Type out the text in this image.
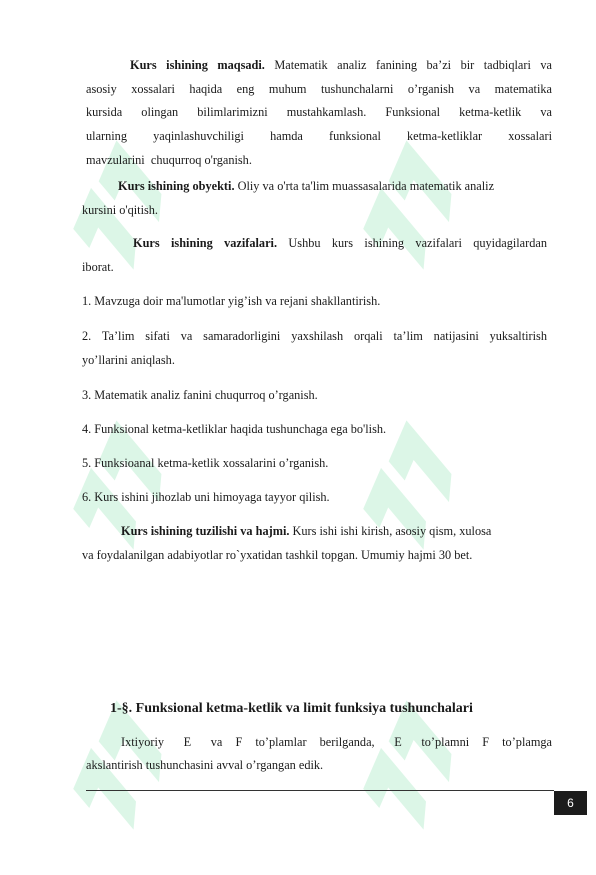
Kurs ishining maqsadi. Matematik analiz fanining ba’zi bir tadbiqlari va

asosiy xossalari haqida eng muhum tushunchalarni o’rganish va matematika

kursida olingan bilimlarimizni mustahkamlash. Funksional ketma-ketlik va

ularning yaqinlashuvchiligi hamda funksional ketma-ketliklar xossalari

mavzularini  chuqurroq o'rganish.

Kurs ishining obyekti. Oliy va o'rta ta'lim muassasalarida matematik analiz

kursini o'qitish.

Kurs ishining vazifalari. Ushbu kurs ishining vazifalari quyidagilardan

iborat.

1. Mavzuga doir ma'lumotlar yig’ish va rejani shakllantirish.

2. Ta’lim sifati va samaradorligini yaxshilash orqali ta’lim natijasini yuksaltirish

yo’llarini aniqlash.

3. Matematik analiz fanini chuqurroq o’rganish.

4. Funksional ketma-ketliklar haqida tushunchaga ega bo'lish.

5. Funksioanal ketma-ketlik xossalarini o’rganish.

6. Kurs ishini jihozlab uni himoyaga tayyor qilish.

Kurs ishining tuzilishi va hajmi. Kurs ishi ishi kirish, asosiy qism, xulosa

va foydalanilgan adabiyotlar ro`yxatidan tashkil topgan. Umumiy hajmi 30 bet.

1-§. Funksional ketma-ketlik va limit funksiya tushunchalari

Ixtiyoriy   E   va  F  to’plamlar  berilganda,   E   to’plamni  F  to’plamga

akslantirish tushunchasini avval o’rgangan edik.

6
